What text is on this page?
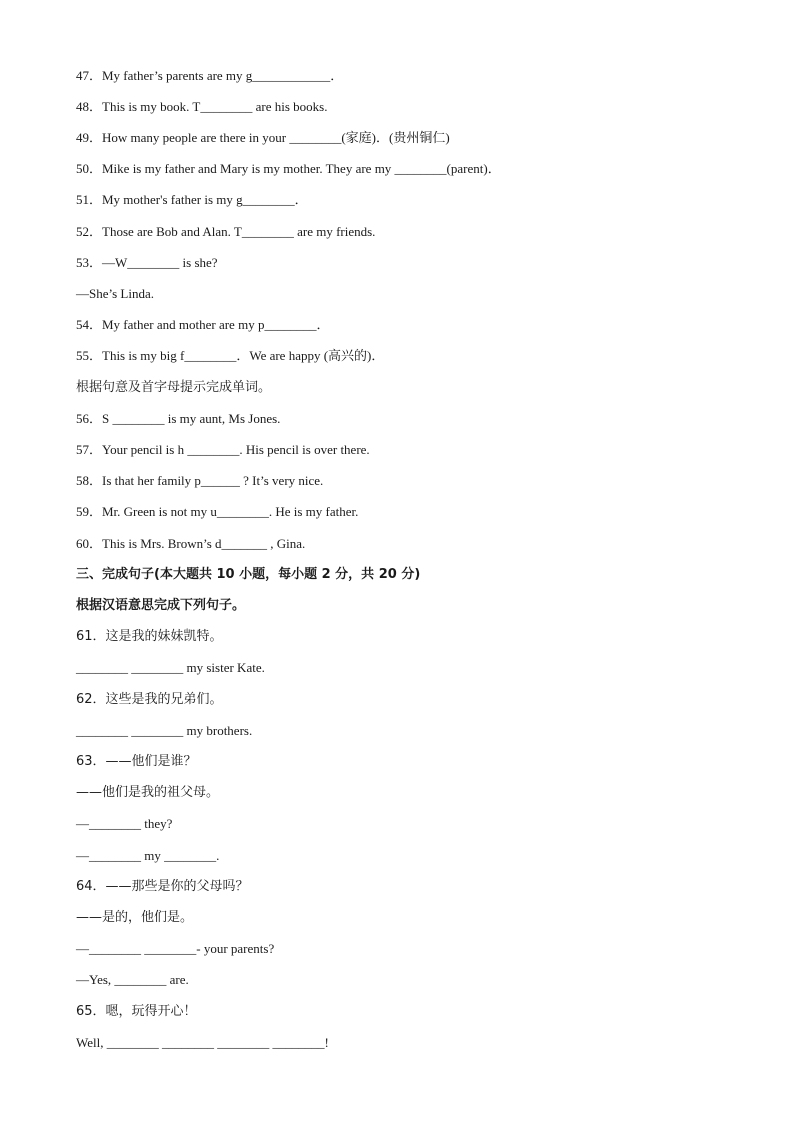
47．My father’s parents are my g____________．
48．This is my book. T________ are his books.
49．How many people are there in your ________(家庭)．(贵州铜仁)
50．Mike is my father and Mary is my mother. They are my ________(parent)．
51．My mother's father is my g________．
52．Those are Bob and Alan. T________ are my friends.
53．—W________ is she?
—She’s Linda.
54．My father and mother are my p________．
55．This is my big f________．We are happy (高兴的)．
根据句意及首字母提示完成单词。
56．S ________ is my aunt, Ms Jones.
57．Your pencil is h ________. His pencil is over there.
58．Is that her family p______ ? It’s very nice.
59．Mr. Green is not my u________. He is my father.
60．This is Mrs. Brown’s d_______ , Gina.
三、完成句子(本大题共 10 小题，每小题 2 分，共 20 分)
根据汉语意思完成下列句子。
61．这是我的妹妹凯特。
________ ________ my sister Kate.
62．这些是我的兄弟们。
________ ________ my brothers.
63．——他们是谁？
——他们是我的祖父母。
—________ they?
—________ my ________.
64．——那些是你的父母吗？
——是的，他们是。
—________ ________- your parents?
—Yes, ________ are.
65．嗯，玩得开心！
Well, ________ ________ ________ ________!
